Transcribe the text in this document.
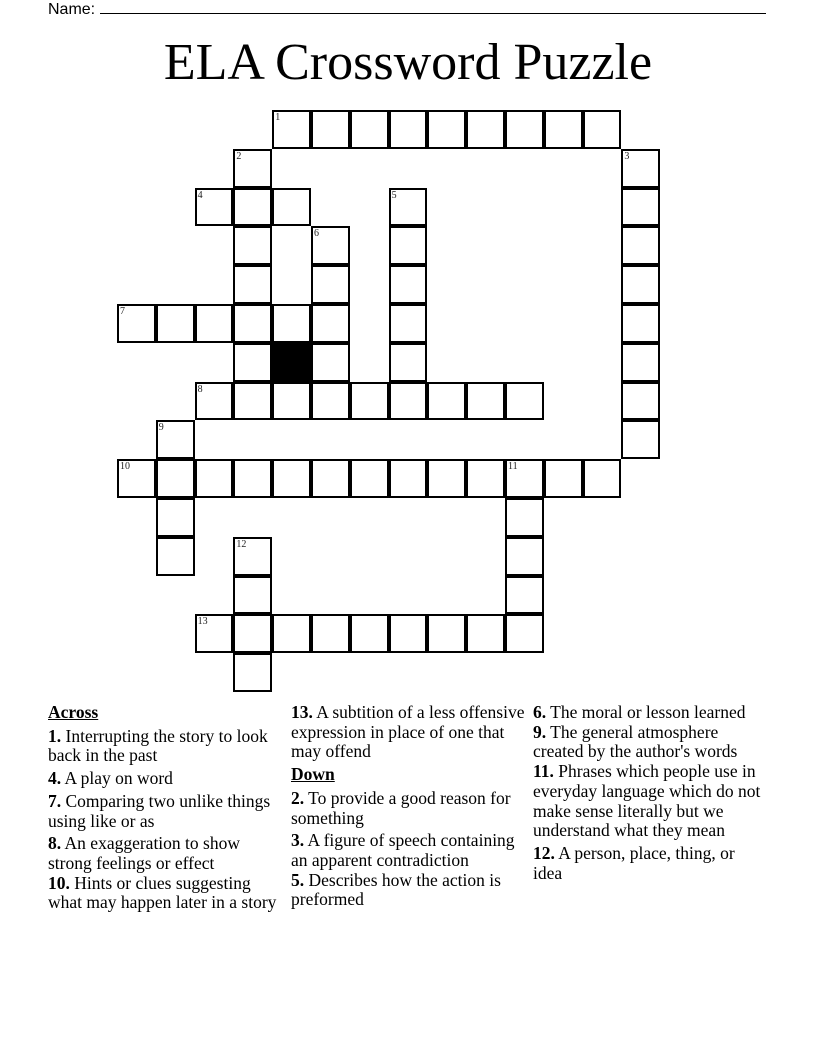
Name:
ELA Crossword Puzzle
1
2	3
4	5
6
7
8
9
10	11
12
13
Across
1. Interrupting the story to look back in the past
4. A play on word
7. Comparing two unlike things using like or as
8. An exaggeration to show strong feelings or effect
10. Hints or clues suggesting what may happen later in a story
13. A subtition of a less offensive expression in place of one that may offend
Down
2. To provide a good reason for something
3. A figure of speech containing an apparent contradiction
5. Describes how the action is preformed
6. The moral or lesson learned
9. The general atmosphere created by the author's words
11. Phrases which people use in everyday language which do not make sense literally but we understand what they mean
12. A person, place, thing, or idea
